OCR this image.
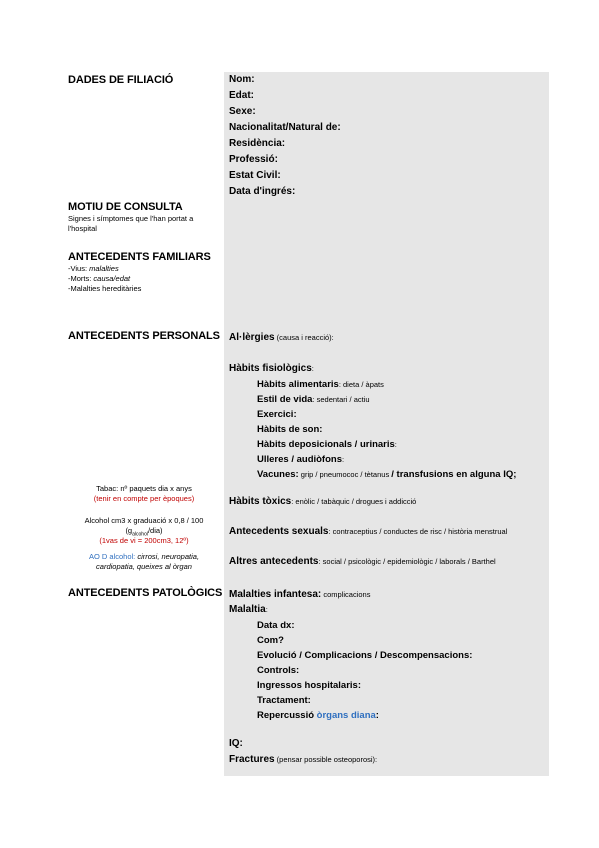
DADES DE FILIACIÓ
MOTIU DE CONSULTA
Signes i símptomes que l'han portat a
l'hospital
ANTECEDENTS FAMILIARS
-Vius: malalties
-Morts: causa/edat
-Malalties hereditàries
ANTECEDENTS PERSONALS
Tabac: nº paquets dia x anys
(tenir en compte per èpoques)
Alcohol cm3 x graduació x 0,8 / 100
$(g_{alcohol}/dia)$
(1vas de vi = 200cm3, 12º)
AO D alcohol: cirrosi, neuropatia,
cardiopatia, queixes al òrgan
ANTECEDENTS PATOLÒGICS
Nom:
Edat:
Sexe:
Nacionalitat/Natural de:
Residència:
Professió:
Estat Civil:
Data d'ingrés:
Al·lèrgies (causa i reacció):
Hàbits fisiològics:
Hàbits alimentaris: dieta / àpats
Estil de vida: sedentari / actiu
Exercici:
Hàbits de son:
Hàbits deposicionals / urinaris:
Ulleres / audiòfons:
Vacunes: grip / pneumococ / tètanus / transfusions en alguna IQ;
Hàbits tòxics: enòlic / tabàquic / drogues i addicció
Antecedents sexuals: contraceptius / conductes de risc / història menstrual
Altres antecedents: social / psicològic / epidemiològic / laborals / Barthel
Malalties infantesa: complicacions
Malaltia:
Data dx:
Com?
Evolució / Complicacions / Descompensacions:
Controls:
Ingressos hospitalaris:
Tractament:
Repercussió òrgans diana:
IQ:
Fractures (pensar possible osteoporosi):
